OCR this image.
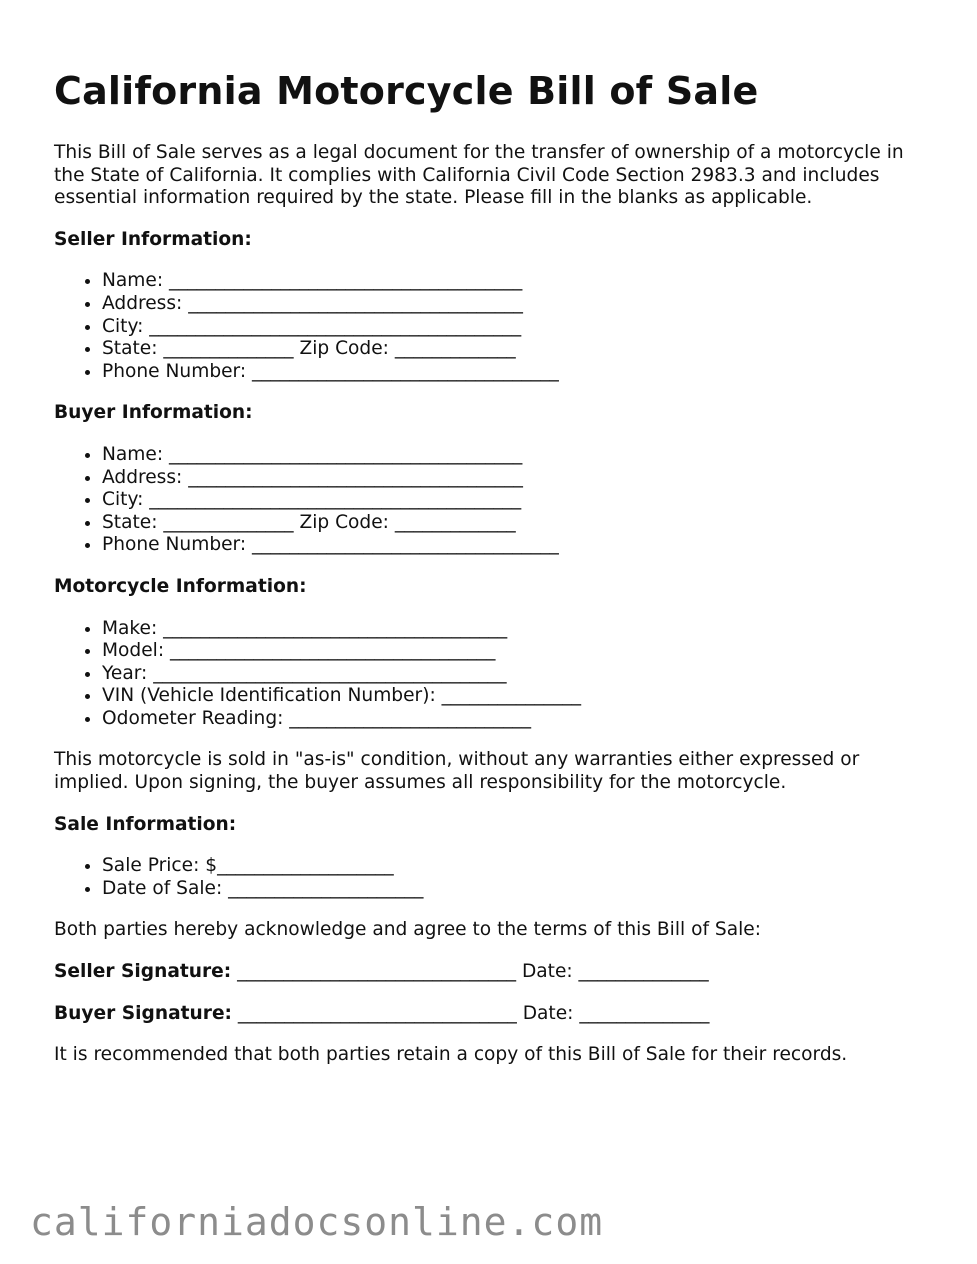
California Motorcycle Bill of Sale

This Bill of Sale serves as a legal document for the transfer of ownership of a motorcycle in the State of California. It complies with California Civil Code Section 2983.3 and includes essential information required by the state. Please fill in the blanks as applicable.

Seller Information:
• Name: ______________________________________
• Address: ____________________________________
• City: ________________________________________
• State: ______________ Zip Code: _____________
• Phone Number: _________________________________
Buyer Information:
• Name: ______________________________________
• Address: ____________________________________
• City: ________________________________________
• State: ______________ Zip Code: _____________
• Phone Number: _________________________________
Motorcycle Information:
• Make: _____________________________________
• Model: ___________________________________
• Year: ______________________________________
• VIN (Vehicle Identification Number): _______________
• Odometer Reading: __________________________

This motorcycle is sold in "as-is" condition, without any warranties either expressed or implied. Upon signing, the buyer assumes all responsibility for the motorcycle.

Sale Information:
• Sale Price: $___________________
• Date of Sale: _____________________

Both parties hereby acknowledge and agree to the terms of this Bill of Sale:

Seller Signature: ______________________________ Date: ______________
Buyer Signature: ______________________________ Date: ______________

It is recommended that both parties retain a copy of this Bill of Sale for their records.

californiadocsonline.com
